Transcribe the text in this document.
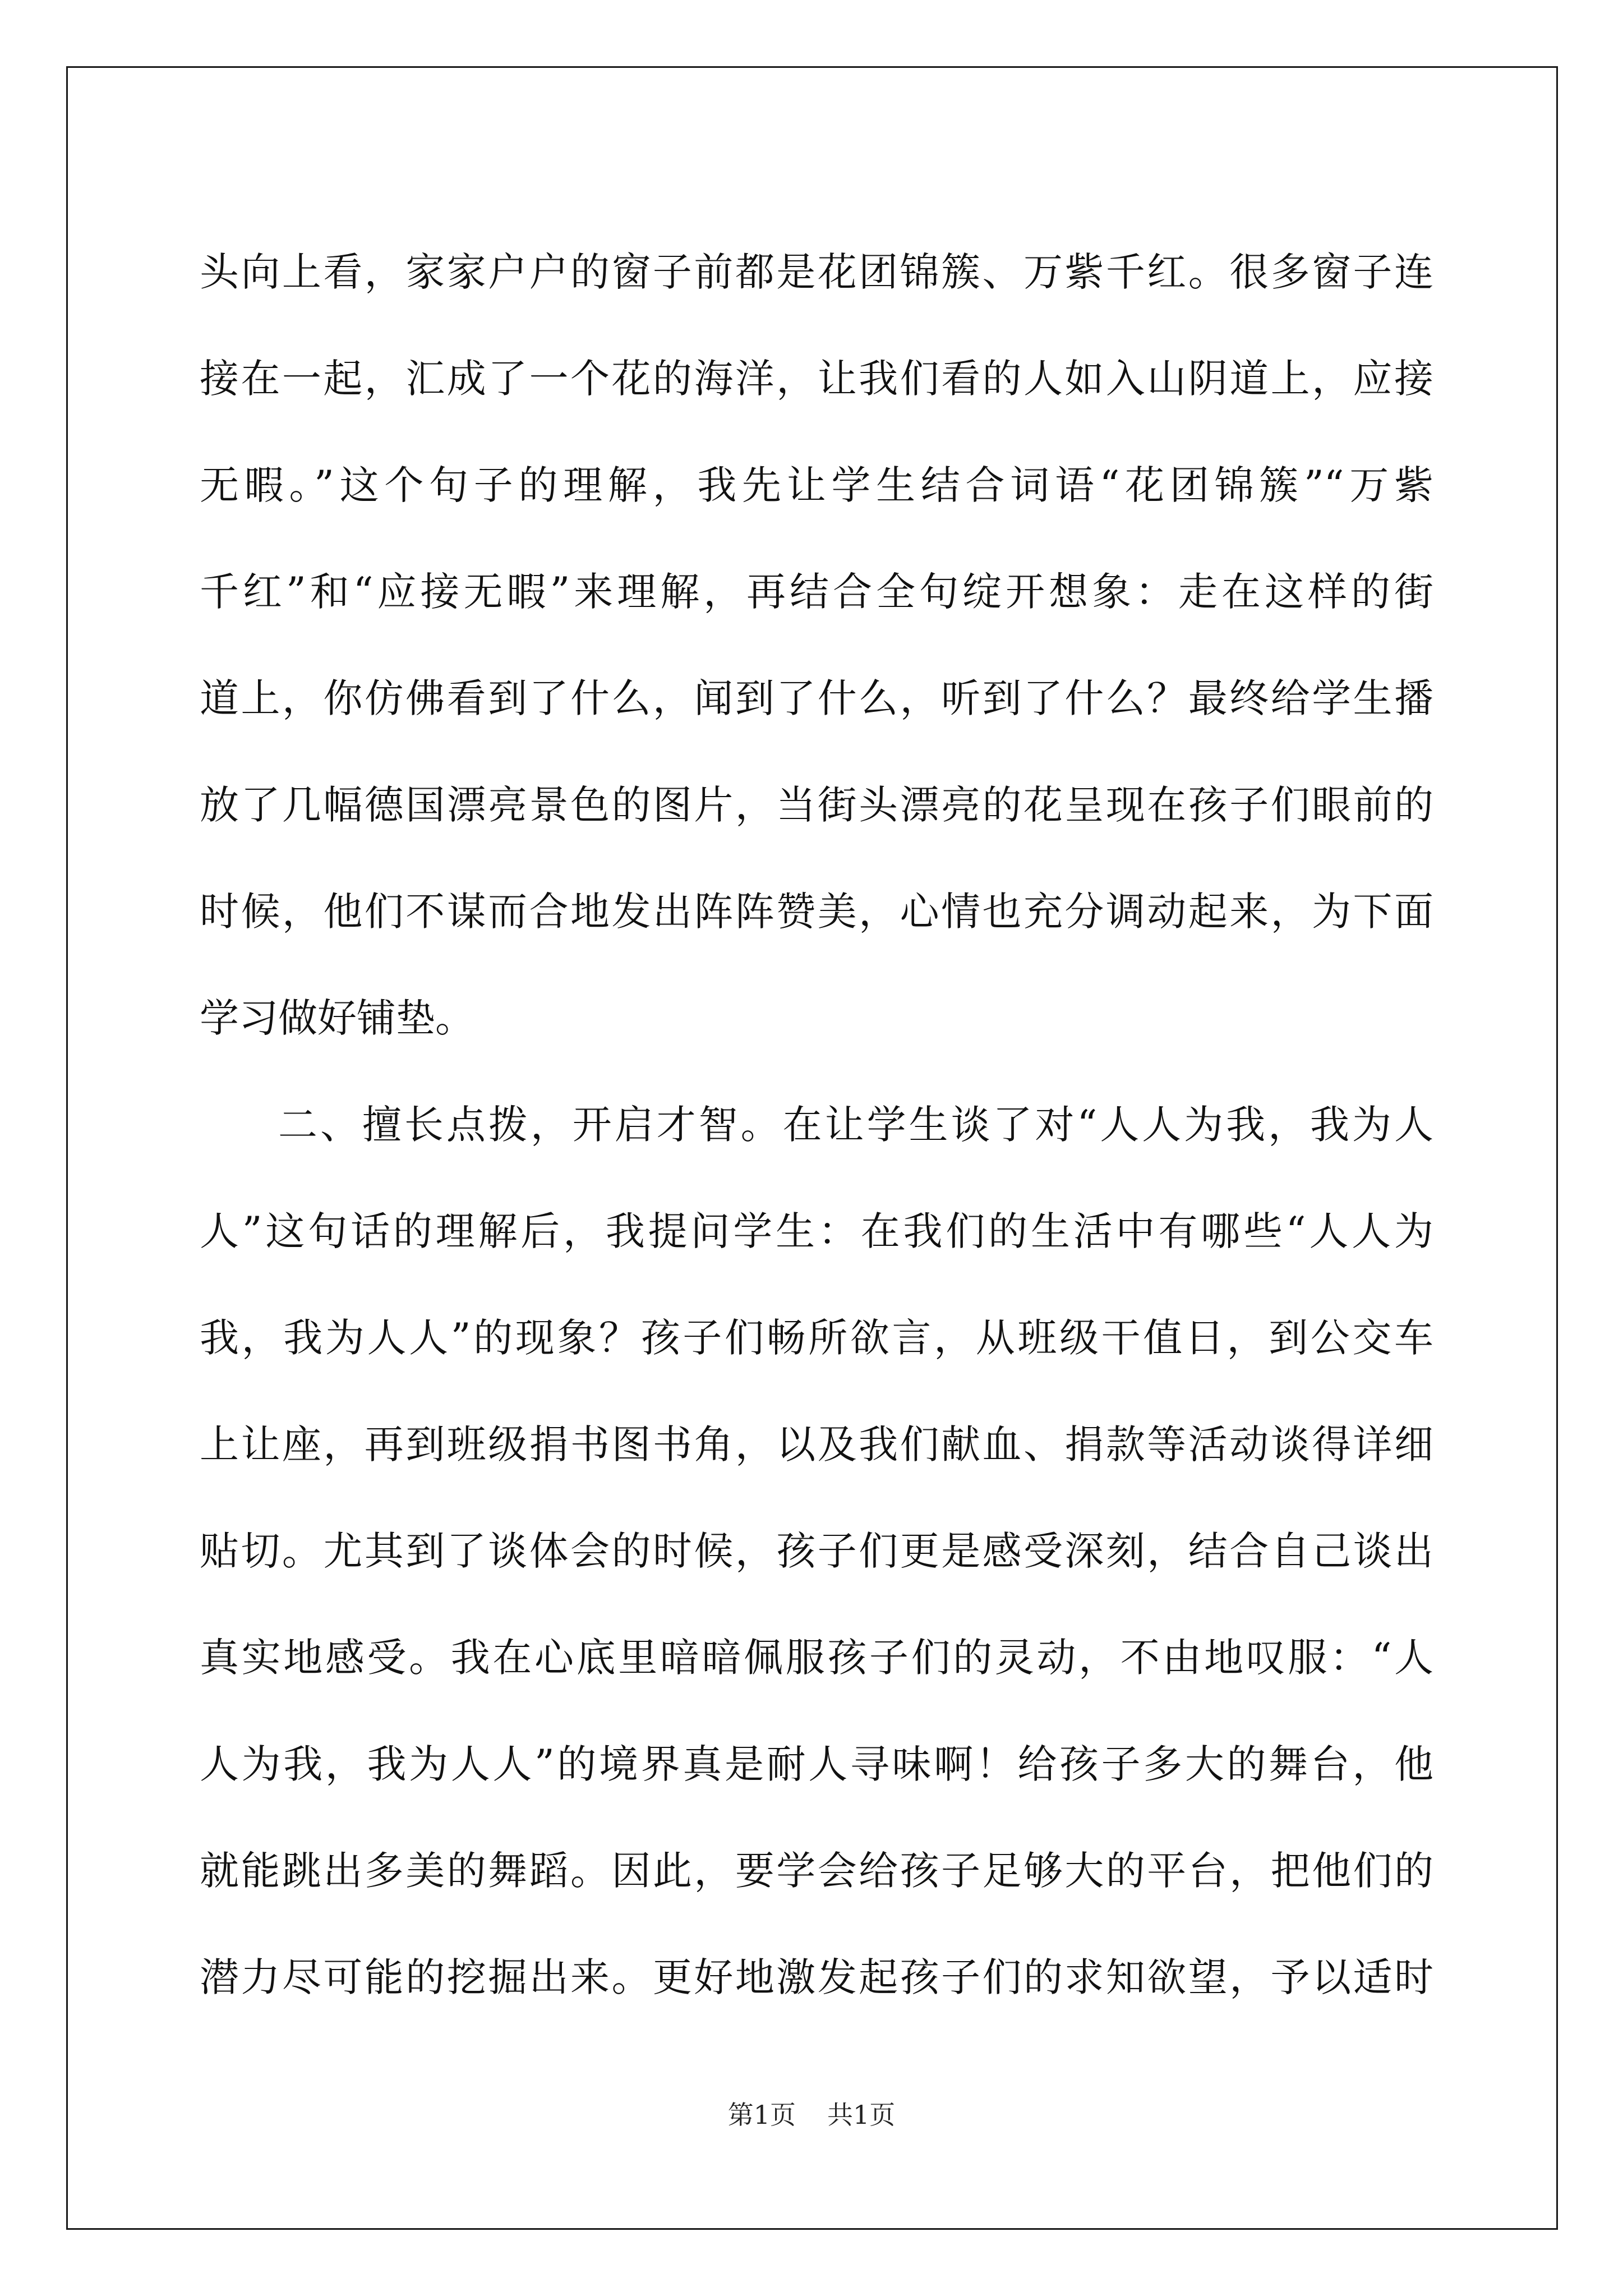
头向上看，家家户户的窗子前都是花团锦簇、万紫千红。很多窗子连
接在一起，汇成了一个花的海洋，让我们看的人如入山阴道上，应接
无暇。”这个句子的理解，我先让学生结合词语“花团锦簇”“万紫
千红”和“应接无暇”来理解，再结合全句绽开想象：走在这样的街
道上，你仿佛看到了什么，闻到了什么，听到了什么？最终给学生播
放了几幅德国漂亮景色的图片，当街头漂亮的花呈现在孩子们眼前的
时候，他们不谋而合地发出阵阵赞美，心情也充分调动起来，为下面
学习做好铺垫。
二、擅长点拨，开启才智。在让学生谈了对“人人为我，我为人
人”这句话的理解后，我提问学生：在我们的生活中有哪些“人人为
我，我为人人”的现象？孩子们畅所欲言，从班级干值日，到公交车
上让座，再到班级捐书图书角，以及我们献血、捐款等活动谈得详细
贴切。尤其到了谈体会的时候，孩子们更是感受深刻，结合自己谈出
真实地感受。我在心底里暗暗佩服孩子们的灵动，不由地叹服：“人
人为我，我为人人”的境界真是耐人寻味啊！给孩子多大的舞台，他
就能跳出多美的舞蹈。因此，要学会给孩子足够大的平台，把他们的
潜力尽可能的挖掘出来。更好地激发起孩子们的求知欲望，予以适时
第1页 共1页
